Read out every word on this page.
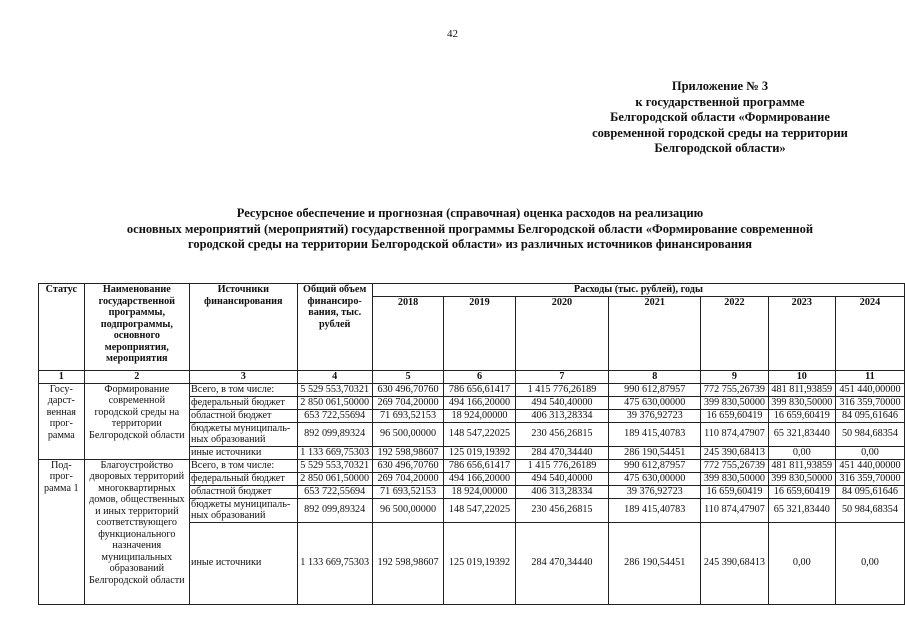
42
Приложение № 3
к государственной программе
Белгородской области «Формирование
современной городской среды на территории
Белгородской области»
Ресурсное обеспечение и прогнозная (справочная) оценка расходов на реализацию
основных мероприятий (мероприятий) государственной программы Белгородской области «Формирование современной
городской среды на территории Белгородской области» из различных источников финансирования
Статус	Наименование государственной программы, подпрограммы, основного мероприятия, мероприятия	Источники финансирования	Общий объем финансиро-вания, тыс. рублей	Расходы (тыс. рублей), годы						
				2018	2019	2020	2021	2022	2023	2024
1	2	3	4	5	6	7	8	9	10	11
Госу-дарст-венная прог-рамма	Формирование современной городской среды на территории Белгородской области	Всего, в том числе:	5 529 553,70321	630 496,70760	786 656,61417	1 415 776,26189	990 612,87957	772 755,26739	481 811,93859	451 440,00000
		федеральный бюджет	2 850 061,50000	269 704,20000	494 166,20000	494 540,40000	475 630,00000	399 830,50000	399 830,50000	316 359,70000
		областной бюджет	653 722,55694	71 693,52153	18 924,00000	406 313,28334	39 376,92723	16 659,60419	16 659,60419	84 095,61646
		бюджеты муниципаль-ных образований	892 099,89324	96 500,00000	148 547,22025	230 456,26815	189 415,40783	110 874,47907	65 321,83440	50 984,68354
		иные источники	1 133 669,75303	192 598,98607	125 019,19392	284 470,34440	286 190,54451	245 390,68413	0,00	0,00
Под-прог-рамма 1	Благоустройство дворовых территорий многоквартирных домов, общественных и иных территорий соответствующего функционального назначения муниципальных образований Белгородской области	Всего, в том числе:	5 529 553,70321	630 496,70760	786 656,61417	1 415 776,26189	990 612,87957	772 755,26739	481 811,93859	451 440,00000
		федеральный бюджет	2 850 061,50000	269 704,20000	494 166,20000	494 540,40000	475 630,00000	399 830,50000	399 830,50000	316 359,70000
		областной бюджет	653 722,55694	71 693,52153	18 924,00000	406 313,28334	39 376,92723	16 659,60419	16 659,60419	84 095,61646
		бюджеты муниципаль-ных образований	892 099,89324	96 500,00000	148 547,22025	230 456,26815	189 415,40783	110 874,47907	65 321,83440	50 984,68354
		иные источники	1 133 669,75303	192 598,98607	125 019,19392	284 470,34440	286 190,54451	245 390,68413	0,00	0,00
